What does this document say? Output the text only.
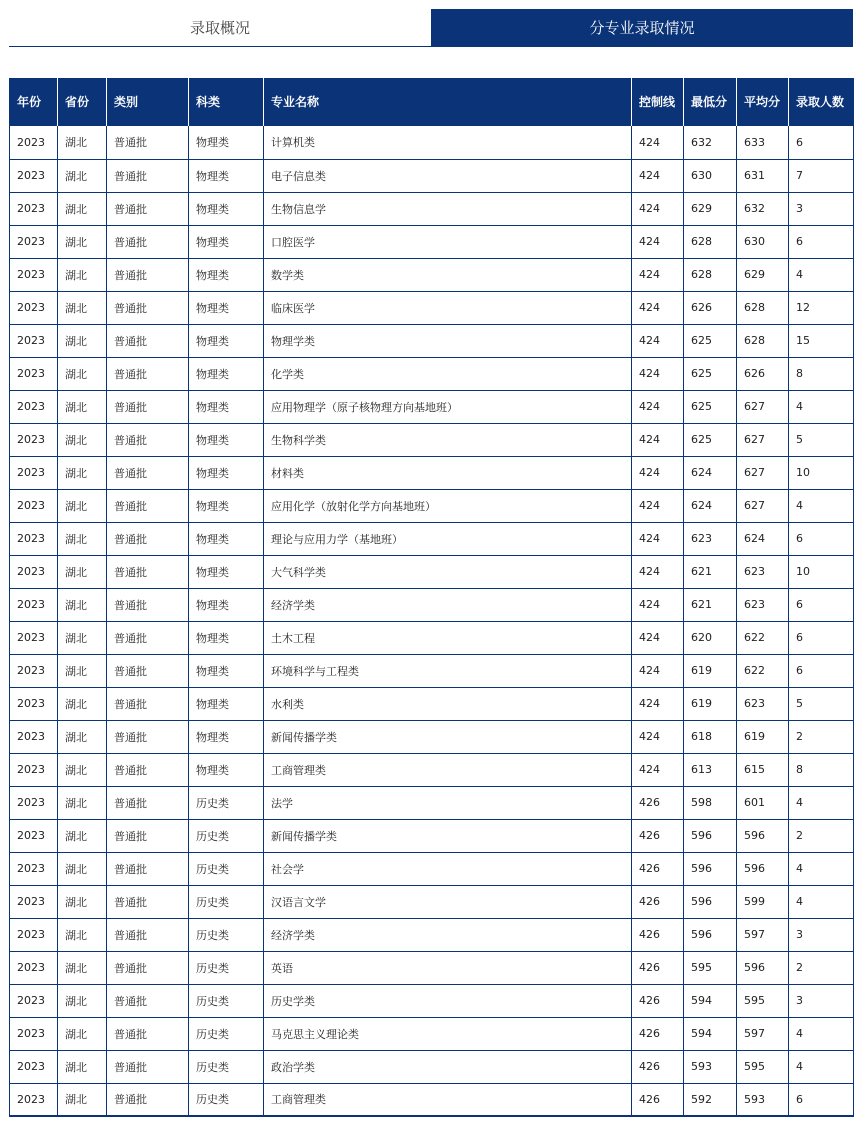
录取概况	分专业录取情况
年份	省份	类别	科类	专业名称	控制线	最低分	平均分	录取人数
2023	湖北	普通批	物理类	计算机类	424	632	633	6
2023	湖北	普通批	物理类	电子信息类	424	630	631	7
2023	湖北	普通批	物理类	生物信息学	424	629	632	3
2023	湖北	普通批	物理类	口腔医学	424	628	630	6
2023	湖北	普通批	物理类	数学类	424	628	629	4
2023	湖北	普通批	物理类	临床医学	424	626	628	12
2023	湖北	普通批	物理类	物理学类	424	625	628	15
2023	湖北	普通批	物理类	化学类	424	625	626	8
2023	湖北	普通批	物理类	应用物理学（原子核物理方向基地班）	424	625	627	4
2023	湖北	普通批	物理类	生物科学类	424	625	627	5
2023	湖北	普通批	物理类	材料类	424	624	627	10
2023	湖北	普通批	物理类	应用化学（放射化学方向基地班）	424	624	627	4
2023	湖北	普通批	物理类	理论与应用力学（基地班）	424	623	624	6
2023	湖北	普通批	物理类	大气科学类	424	621	623	10
2023	湖北	普通批	物理类	经济学类	424	621	623	6
2023	湖北	普通批	物理类	土木工程	424	620	622	6
2023	湖北	普通批	物理类	环境科学与工程类	424	619	622	6
2023	湖北	普通批	物理类	水利类	424	619	623	5
2023	湖北	普通批	物理类	新闻传播学类	424	618	619	2
2023	湖北	普通批	物理类	工商管理类	424	613	615	8
2023	湖北	普通批	历史类	法学	426	598	601	4
2023	湖北	普通批	历史类	新闻传播学类	426	596	596	2
2023	湖北	普通批	历史类	社会学	426	596	596	4
2023	湖北	普通批	历史类	汉语言文学	426	596	599	4
2023	湖北	普通批	历史类	经济学类	426	596	597	3
2023	湖北	普通批	历史类	英语	426	595	596	2
2023	湖北	普通批	历史类	历史学类	426	594	595	3
2023	湖北	普通批	历史类	马克思主义理论类	426	594	597	4
2023	湖北	普通批	历史类	政治学类	426	593	595	4
2023	湖北	普通批	历史类	工商管理类	426	592	593	6
